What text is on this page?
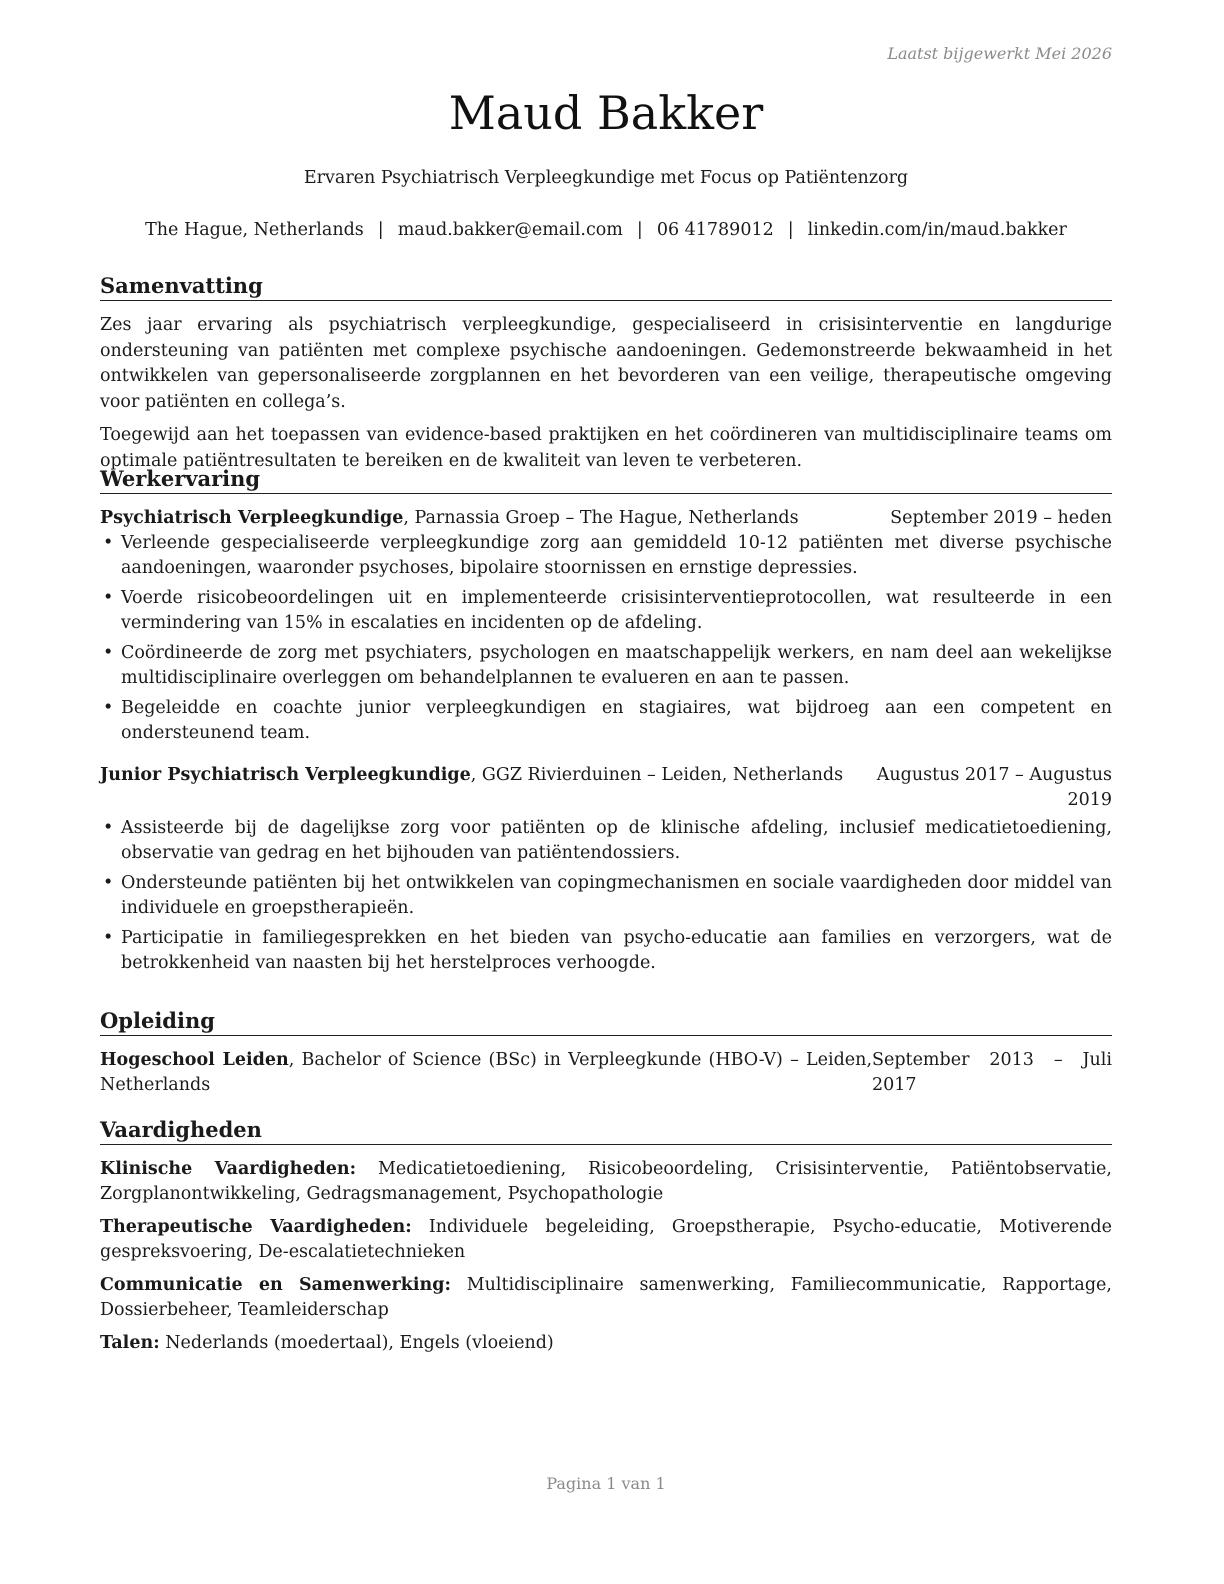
Laatst bijgewerkt Mei 2026
Maud Bakker
Ervaren Psychiatrisch Verpleegkundige met Focus op Patiëntenzorg
The Hague, Netherlands | maud.bakker@email.com | 06 41789012 | linkedin.com/in/maud.bakker
Samenvatting

Zes jaar ervaring als psychiatrisch verpleegkundige, gespecialiseerd in crisisinterventie en langdurige ondersteuning van patiënten met complexe psychische aandoeningen. Gedemonstreerde bekwaamheid in het ontwikkelen van gepersonaliseerde zorgplannen en het bevorderen van een veilige, therapeutische omgeving voor patiënten en collega’s.

Toegewijd aan het toepassen van evidence-based praktijken en het coördineren van multidisciplinaire teams om optimale patiëntresultaten te bereiken en de kwaliteit van leven te verbeteren.

Werkervaring
Psychiatrisch Verpleegkundige, Parnassia Groep – The Hague, Netherlands	September 2019 – heden
• Verleende gespecialiseerde verpleegkundige zorg aan gemiddeld 10-12 patiënten met diverse psychische aandoeningen, waaronder psychoses, bipolaire stoornissen en ernstige depressies.
• Voerde risicobeoordelingen uit en implementeerde crisisinterventieprotocollen, wat resulteerde in een vermindering van 15% in escalaties en incidenten op de afdeling.
• Coördineerde de zorg met psychiaters, psychologen en maatschappelijk werkers, en nam deel aan wekelijkse multidisciplinaire overleggen om behandelplannen te evalueren en aan te passen.
• Begeleidde en coachte junior verpleegkundigen en stagiaires, wat bijdroeg aan een competent en ondersteunend team.
Junior Psychiatrisch Verpleegkundige, GGZ Rivierduinen – Leiden, Netherlands Augustus 2017 – Augustus 2019
• Assisteerde bij de dagelijkse zorg voor patiënten op de klinische afdeling, inclusief medicatietoediening, observatie van gedrag en het bijhouden van patiëntendossiers.
• Ondersteunde patiënten bij het ontwikkelen van copingmechanismen en sociale vaardigheden door middel van individuele en groepstherapieën.
• Participatie in familiegesprekken en het bieden van psycho-educatie aan families en verzorgers, wat de betrokkenheid van naasten bij het herstelproces verhoogde.
Opleiding
Hogeschool Leiden, Bachelor of Science (BSc) in Verpleegkunde (HBO-V) – Leiden, Netherlands
September 2013 – Juli 2017
Vaardigheden
Klinische Vaardigheden: Medicatietoediening, Risicobeoordeling, Crisisinterventie, Patiëntobservatie, Zorgplanontwikkeling, Gedragsmanagement, Psychopathologie
Therapeutische Vaardigheden: Individuele begeleiding, Groepstherapie, Psycho-educatie, Motiverende gespreksvoering, De-escalatietechnieken
Communicatie en Samenwerking: Multidisciplinaire samenwerking, Familiecommunicatie, Rapportage, Dossierbeheer, Teamleiderschap
Talen: Nederlands (moedertaal), Engels (vloeiend)
Pagina 1 van 1
